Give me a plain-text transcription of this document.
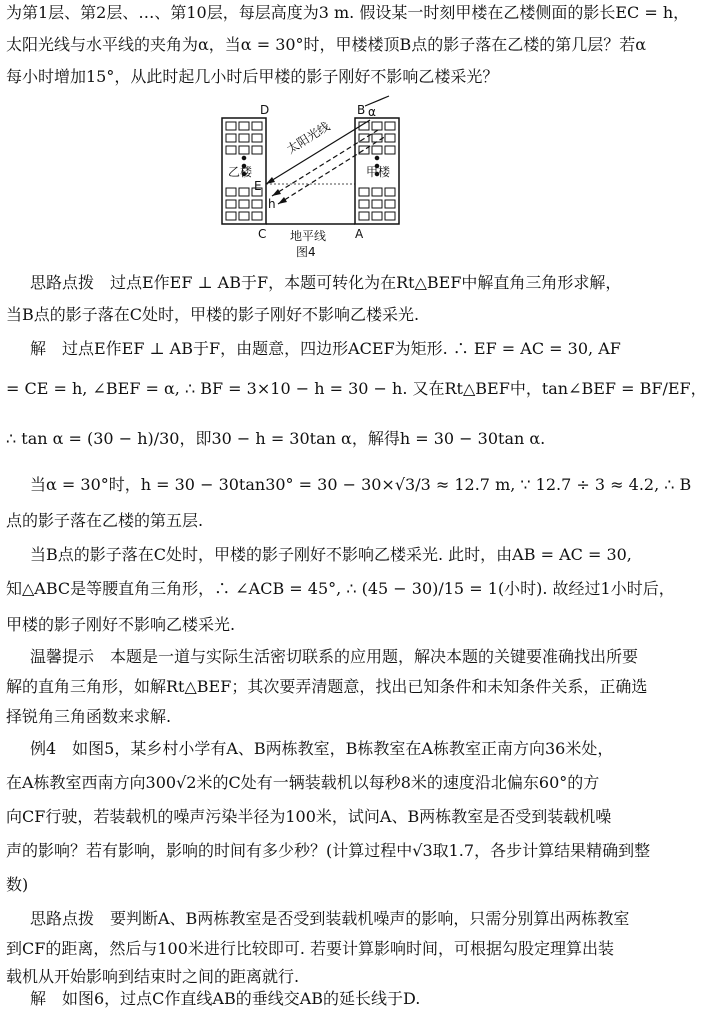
为第1层、第2层、…、第10层，每层高度为3 m. 假设某一时刻甲楼在乙楼侧面的影长EC = h，
太阳光线与水平线的夹角为α，当α = 30°时，甲楼楼顶B点的影子落在乙楼的第几层？若α
每小时增加15°，从此时起几小时后甲楼的影子刚好不影响乙楼采光？
D	B α
E
h
C	A
太阳光线
乙楼	甲楼
地平线
图4
思路点拨　过点E作EF ⊥ AB于F，本题可转化为在Rt△BEF中解直角三角形求解，
当B点的影子落在C处时，甲楼的影子刚好不影响乙楼采光.
解　过点E作EF ⊥ AB于F，由题意，四边形ACEF为矩形. ∴ EF = AC = 30, AF
= CE = h, ∠BEF = α, ∴ BF = 3×10 − h = 30 − h. 又在Rt△BEF中，tan∠BEF = BF/EF，
∴ tan α = (30 − h)/30，即30 − h = 30tan α，解得h = 30 − 30tan α.
当α = 30°时，h = 30 − 30tan30° = 30 − 30×√3/3 ≈ 12.7 m, ∵ 12.7 ÷ 3 ≈ 4.2, ∴ B
点的影子落在乙楼的第五层.
当B点的影子落在C处时，甲楼的影子刚好不影响乙楼采光. 此时，由AB = AC = 30,
知△ABC是等腰直角三角形，∴ ∠ACB = 45°, ∴ (45 − 30)/15 = 1(小时). 故经过1小时后，
甲楼的影子刚好不影响乙楼采光.
温馨提示　本题是一道与实际生活密切联系的应用题，解决本题的关键要准确找出所要
解的直角三角形，如解Rt△BEF；其次要弄清题意，找出已知条件和未知条件关系，正确选
择锐角三角函数来求解.
例4　如图5，某乡村小学有A、B两栋教室，B栋教室在A栋教室正南方向36米处，
在A栋教室西南方向300√2米的C处有一辆装载机以每秒8米的速度沿北偏东60°的方
向CF行驶，若装载机的噪声污染半径为100米，试问A、B两栋教室是否受到装载机噪
声的影响？若有影响，影响的时间有多少秒？(计算过程中√3取1.7，各步计算结果精确到整
数)
思路点拨　要判断A、B两栋教室是否受到装载机噪声的影响，只需分别算出两栋教室
到CF的距离，然后与100米进行比较即可. 若要计算影响时间，可根据勾股定理算出装
载机从开始影响到结束时之间的距离就行.
解　如图6，过点C作直线AB的垂线交AB的延长线于D.
